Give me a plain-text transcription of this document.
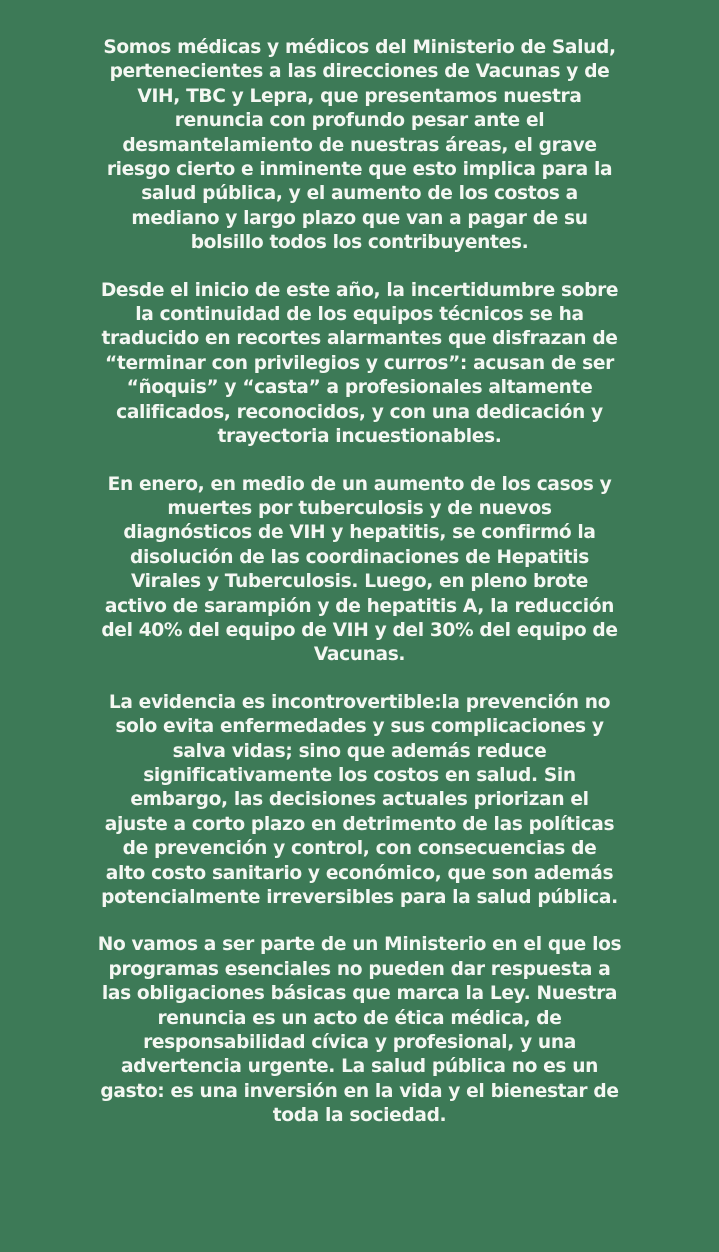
Somos médicas y médicos del Ministerio de Salud,
pertenecientes a las direcciones de Vacunas y de
VIH, TBC y Lepra, que presentamos nuestra
renuncia con profundo pesar ante el
desmantelamiento de nuestras áreas, el grave
riesgo cierto e inminente que esto implica para la
salud pública, y el aumento de los costos a
mediano y largo plazo que van a pagar de su
bolsillo todos los contribuyentes.

Desde el inicio de este año, la incertidumbre sobre
la continuidad de los equipos técnicos se ha
traducido en recortes alarmantes que disfrazan de
“terminar con privilegios y curros”: acusan de ser
“ñoquis” y “casta” a profesionales altamente
calificados, reconocidos, y con una dedicación y
trayectoria incuestionables.

En enero, en medio de un aumento de los casos y
muertes por tuberculosis y de nuevos
diagnósticos de VIH y hepatitis, se confirmó la
disolución de las coordinaciones de Hepatitis
Virales y Tuberculosis. Luego, en pleno brote
activo de sarampión y de hepatitis A, la reducción
del 40% del equipo de VIH y del 30% del equipo de
Vacunas.

La evidencia es incontrovertible:la prevención no
solo evita enfermedades y sus complicaciones y
salva vidas; sino que además reduce
significativamente los costos en salud. Sin
embargo, las decisiones actuales priorizan el
ajuste a corto plazo en detrimento de las políticas
de prevención y control, con consecuencias de
alto costo sanitario y económico, que son además
potencialmente irreversibles para la salud pública.

No vamos a ser parte de un Ministerio en el que los
programas esenciales no pueden dar respuesta a
las obligaciones básicas que marca la Ley. Nuestra
renuncia es un acto de ética médica, de
responsabilidad cívica y profesional, y una
advertencia urgente. La salud pública no es un
gasto: es una inversión en la vida y el bienestar de
toda la sociedad.
